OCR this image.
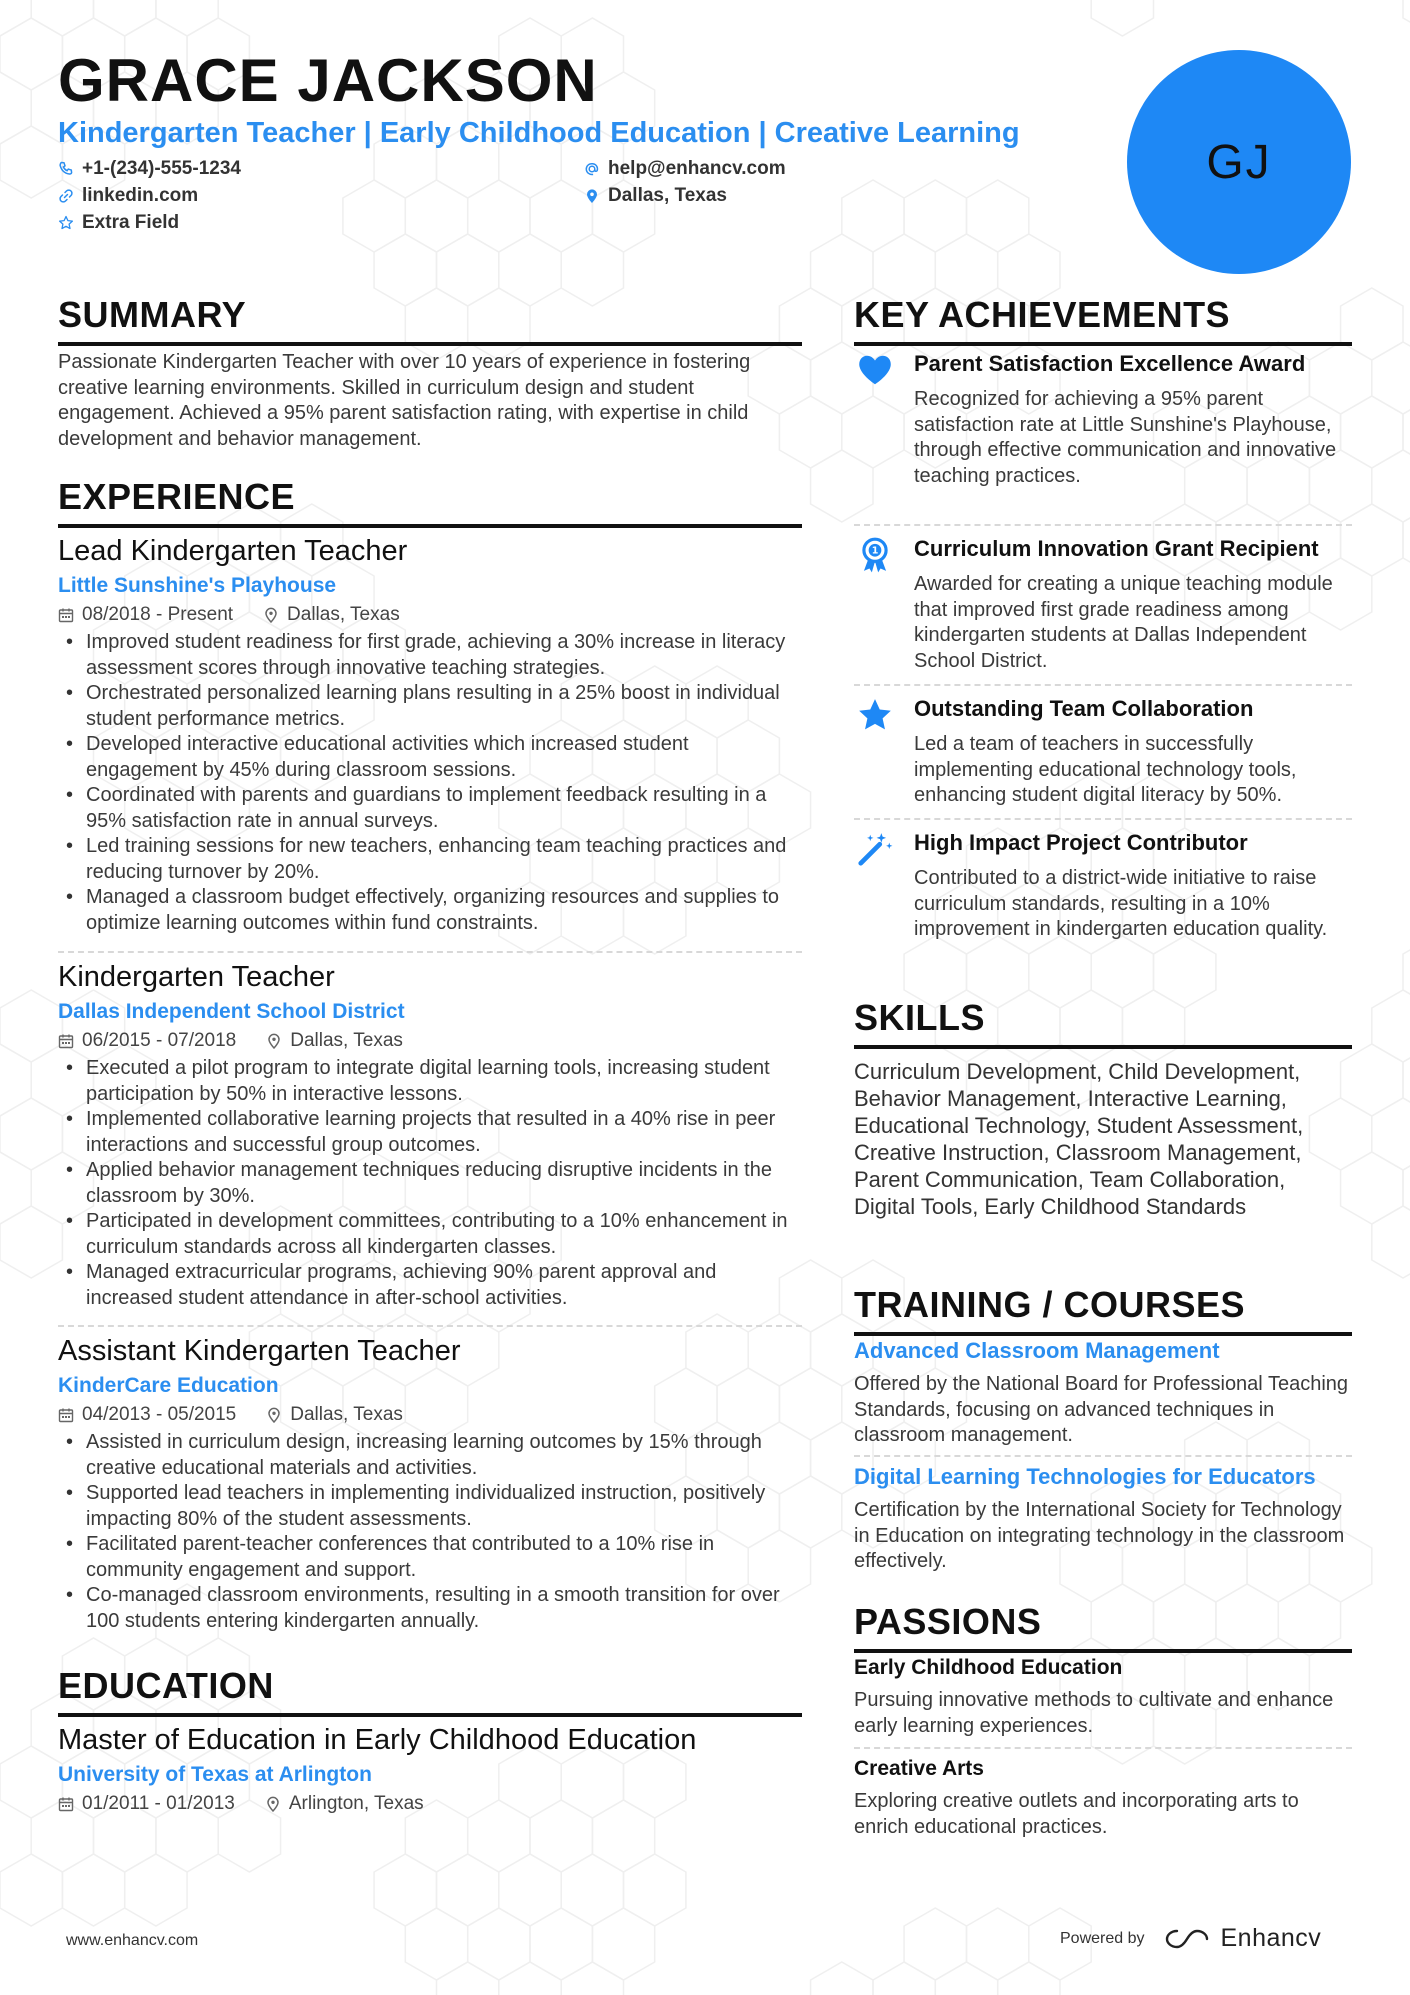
GRACE JACKSON
Kindergarten Teacher | Early Childhood Education | Creative Learning
+1-(234)-555-1234	help@enhancv.com
linkedin.com	Dallas, Texas
Extra Field
GJ
SUMMARY
Passionate Kindergarten Teacher with over 10 years of experience in fostering creative learning environments. Skilled in curriculum design and student engagement. Achieved a 95% parent satisfaction rating, with expertise in child development and behavior management.
EXPERIENCE
Lead Kindergarten Teacher
Little Sunshine's Playhouse
08/2018 - Present	Dallas, Texas
• Improved student readiness for first grade, achieving a 30% increase in literacy assessment scores through innovative teaching strategies.
• Orchestrated personalized learning plans resulting in a 25% boost in individual student performance metrics.
• Developed interactive educational activities which increased student engagement by 45% during classroom sessions.
• Coordinated with parents and guardians to implement feedback resulting in a 95% satisfaction rate in annual surveys.
• Led training sessions for new teachers, enhancing team teaching practices and reducing turnover by 20%.
• Managed a classroom budget effectively, organizing resources and supplies to optimize learning outcomes within fund constraints.
Kindergarten Teacher
Dallas Independent School District
06/2015 - 07/2018	Dallas, Texas
• Executed a pilot program to integrate digital learning tools, increasing student participation by 50% in interactive lessons.
• Implemented collaborative learning projects that resulted in a 40% rise in peer interactions and successful group outcomes.
• Applied behavior management techniques reducing disruptive incidents in the classroom by 30%.
• Participated in development committees, contributing to a 10% enhancement in curriculum standards across all kindergarten classes.
• Managed extracurricular programs, achieving 90% parent approval and increased student attendance in after-school activities.
Assistant Kindergarten Teacher
KinderCare Education
04/2013 - 05/2015	Dallas, Texas
• Assisted in curriculum design, increasing learning outcomes by 15% through creative educational materials and activities.
• Supported lead teachers in implementing individualized instruction, positively impacting 80% of the student assessments.
• Facilitated parent-teacher conferences that contributed to a 10% rise in community engagement and support.
• Co-managed classroom environments, resulting in a smooth transition for over 100 students entering kindergarten annually.
EDUCATION
Master of Education in Early Childhood Education
University of Texas at Arlington
01/2011 - 01/2013	Arlington, Texas
KEY ACHIEVEMENTS
Parent Satisfaction Excellence Award
Recognized for achieving a 95% parent satisfaction rate at Little Sunshine's Playhouse, through effective communication and innovative teaching practices.
1 Curriculum Innovation Grant Recipient
Awarded for creating a unique teaching module that improved first grade readiness among kindergarten students at Dallas Independent School District.
Outstanding Team Collaboration
Led a team of teachers in successfully implementing educational technology tools, enhancing student digital literacy by 50%.
High Impact Project Contributor
Contributed to a district-wide initiative to raise curriculum standards, resulting in a 10% improvement in kindergarten education quality.
SKILLS
Curriculum Development, Child Development, Behavior Management, Interactive Learning, Educational Technology, Student Assessment, Creative Instruction, Classroom Management, Parent Communication, Team Collaboration, Digital Tools, Early Childhood Standards
TRAINING / COURSES
Advanced Classroom Management
Offered by the National Board for Professional Teaching Standards, focusing on advanced techniques in classroom management.
Digital Learning Technologies for Educators
Certification by the International Society for Technology in Education on integrating technology in the classroom effectively.
PASSIONS
Early Childhood Education
Pursuing innovative methods to cultivate and enhance early learning experiences.
Creative Arts
Exploring creative outlets and incorporating arts to enrich educational practices.
www.enhancv.com	Powered by	Enhancv
